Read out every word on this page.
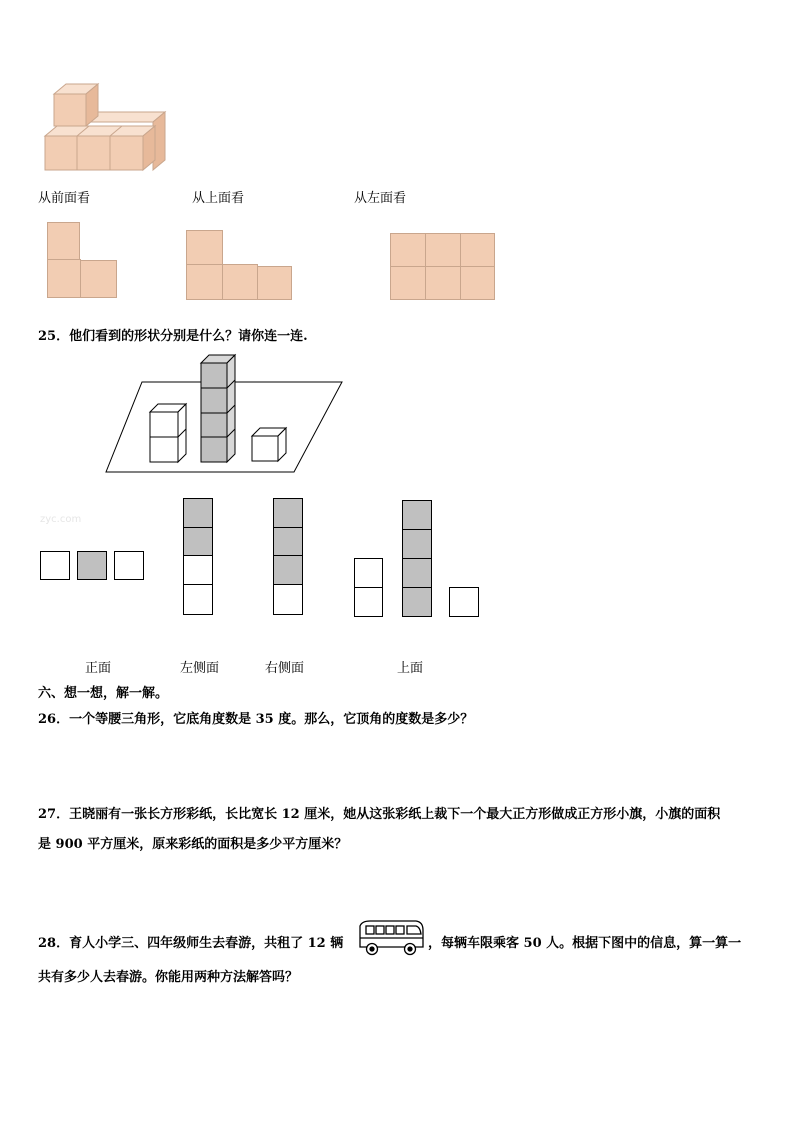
从前面看	从上面看	从左面看
25．他们看到的形状分别是什么？请你连一连.
zyc.com
正面	左侧面	右侧面	上面
六、想一想，解一解。
26．一个等腰三角形，它底角度数是 35 度。那么，它顶角的度数是多少？
27．王晓丽有一张长方形彩纸，长比宽长 12 厘米，她从这张彩纸上裁下一个最大正方形做成正方形小旗，小旗的面积
是 900 平方厘米，原来彩纸的面积是多少平方厘米？
28．育人小学三、四年级师生去春游，共租了 12 辆	，每辆车限乘客 50 人。根据下图中的信息，算一算一
共有多少人去春游。你能用两种方法解答吗？
